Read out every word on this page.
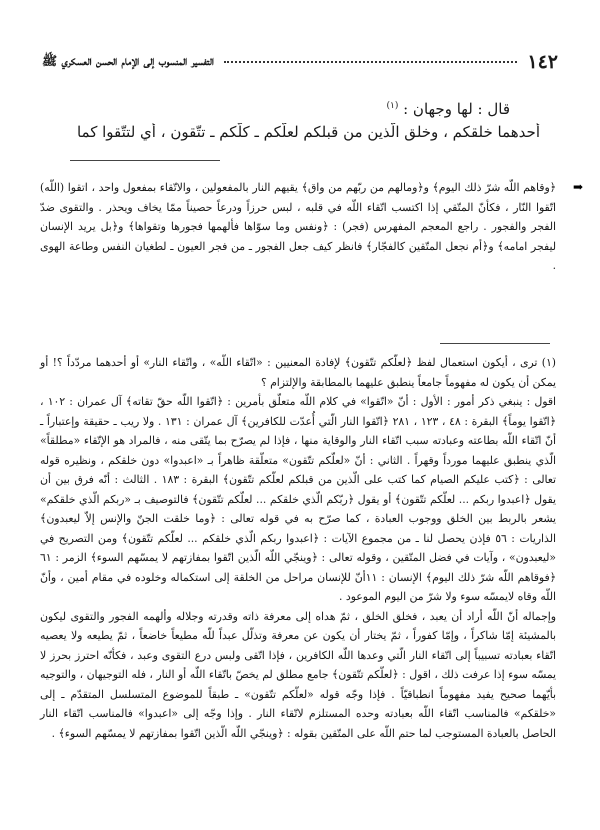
١٤٢
التفسير المنسوب إلى الإمام الحسن العسكري ﷺ
قال : لها وجهان : $^{(١)}$
أحدهما خلقكم ، وخلق الّذين من قبلكم لعلّكم ـ كلّكم ـ تتّقون ، أي لتتّقوا كما
➡

﴿وقاهم اللّه شرّ ذلك اليوم﴾ و﴿ومالهم من ربّهم من واق﴾ يقيهم النار بالمفعولين ، والاتّقاء بمفعول واحد ، اتقوا (اللّه) اتّقوا النّار ، فكأنّ المتّقي إذا اكتسب اتّقاء اللّه في قلبه ، لبس حرزاً ودرعاً حصيناً ممّا يخاف ويحذر . والتقوى ضدّ الفجر والفجور . راجع المعجم المفهرس (فجر) : ﴿ونفس وما سوّاها فألهمها فجورها وتقواها﴾ و﴿بل يريد الإنسان ليفجر امامه﴾ و﴿أم نجعل المتّقين كالفجّار﴾ فانظر كيف جعل الفجور ـ من فجر العيون ـ لطغيان النفس وطاعة الهوى .

(١) ترى ، أيكون استعمال لفظ ﴿لعلّكم تتّقون﴾ لإفادة المعنيين : «اتّقاء اللّه» ، واتّقاء النار» أو أحدهما مردّداً ؟! أو يمكن أن يكون له مفهوماً جامعاً ينطبق عليهما بالمطابقة والإلتزام ؟

اقول : ينبغي ذكر أمور : الأول : أنّ «اتّقوا» في كلام اللّه متعلّق بأمرين : ﴿اتّقوا اللّه حقّ تقاته﴾ آل عمران : ١٠٢ ، ﴿اتّقوا يوماً﴾ البقرة : ٤٨ ، ١٢٣ ، ٢٨١ ﴿اتّقوا النار الّتي أُعدّت للكافرين﴾ آل عمران : ١٣١ . ولا ريب ـ حقيقة وإعتباراً ـ أنّ اتّقاء اللّه بطاعته وعبادته سبب اتّقاء النار والوقاية منها ، فإذا لم يصرّح بما يتّقى منه ، فالمراد هو الإتّقاء «مطلقاً» الّذي ينطبق عليهما مورداً وقهراً . الثاني : أنّ «لعلّكم تتّقون» متعلّقة ظاهراً بـ «اعبدوا» دون خلقكم ، ونظيره قوله تعالى : ﴿كتب عليكم الصيام كما كتب على الّذين من قبلكم لعلّكم تتّقون﴾ البقرة : ١٨٣ . الثالث : أنّه فرق بين أن يقول ﴿اعبدوا ربكم ... لعلّكم تتّقون﴾ أو يقول ﴿ربّكم الّذي خلقكم ... لعلّكم تتّقون﴾ فالتوصيف بـ «ربكم الّذي خلقكم» يشعر بالربط بين الخلق ووجوب العبادة ، كما صرّح به في قوله تعالى : ﴿وما خلقت الجنّ والإنس إلاّ ليعبدون﴾ الذاريات : ٥٦ فإذن يحصل لنا ـ من مجموع الآيات : ﴿اعبدوا ربكم الّذي خلقكم ... لعلّكم تتّقون﴾ ومن التصريح في «ليعبدون» ، وآيات في فضل المتّقين ، وقوله تعالى : ﴿وينجّي اللّه الّذين اتّقوا بمفازتهم لا يمسّهم السوء﴾ الزمر : ٦١ ﴿فوقاهم اللّه شرّ ذلك اليوم﴾ الإنسان : ١١أنّ للإنسان مراحل من الخلقة إلى استكماله وخلوده في مقام أمين ، وأنّ اللّه وقاه لايمسّه سوء ولا شرّ من اليوم الموعود .

وإجماله أنّ اللّه أراد أن يعبد ، فخلق الخلق ، ثمّ هداه إلى معرفة ذاته وقدرته وجلاله وألهمه الفجور والتقوى ليكون بالمشيئة إمّا شاكراً ، وإمّا كفوراً ، ثمّ يختار أن يكون عن معرفة وتذلّل عبداً للّه مطيعاً خاضعاً ، ثمّ يطيعه ولا يعصيه اتّقاء بعبادته تسبيباً إلى اتّقاء النار الّتي وعدها اللّه الكافرين ، فإذا اتّقى ولبس درع التقوى وعبد ، فكأنّه احترز بحرز لا يمسّه سوء إذا عرفت ذلك ، اقول : ﴿لعلّكم تتّقون﴾ جامع مطلق لم يخصّ باتّقاء اللّه أو النار ، فله التوجيهان ، والتوجيه بأيّهما صحيح يفيد مفهوماً انطباقيّاً . فإذا وجّه قوله «لعلّكم تتّقون» ـ طبقاً للموضوع المتسلسل المتقدّم ـ إلى «خلقكم» فالمناسب اتّقاء اللّه بعبادته وحده المستلزم لاتّقاء النار . وإذا وجّه إلى «اعبدوا» فالمناسب اتّقاء النار الحاصل بالعبادة المستوجب لما حتم اللّه على المتّقين بقوله : ﴿وينجّي اللّه الّذين اتّقوا بمفازتهم لا يمسّهم السوء﴾ .
